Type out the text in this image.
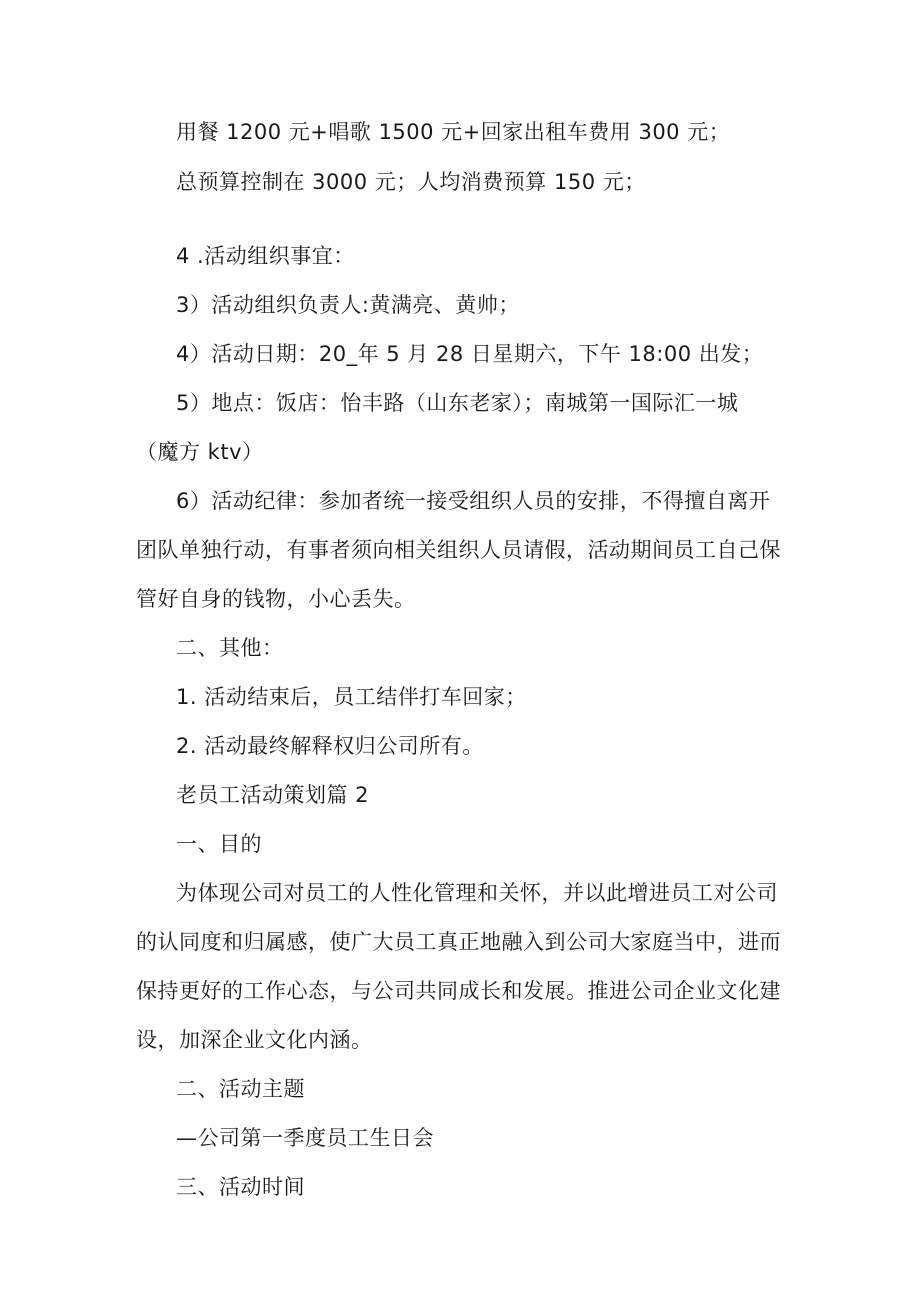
用餐 1200 元+唱歌 1500 元+回家出租车费用 300 元；
总预算控制在 3000 元；人均消费预算 150 元；
4 .活动组织事宜：
3）活动组织负责人:黄满亮、黄帅；
4）活动日期：20_年 5 月 28 日星期六，下午 18:00 出发；
5）地点：饭店：怡丰路（山东老家）；南城第一国际汇一城
（魔方 ktv）
6）活动纪律：参加者统一接受组织人员的安排，不得擅自离开
团队单独行动，有事者须向相关组织人员请假，活动期间员工自己保
管好自身的钱物，小心丢失。
二、其他：
1. 活动结束后，员工结伴打车回家；
2. 活动最终解释权归公司所有。
老员工活动策划篇 2
一、目的
为体现公司对员工的人性化管理和关怀，并以此增进员工对公司
的认同度和归属感，使广大员工真正地融入到公司大家庭当中，进而
保持更好的工作心态，与公司共同成长和发展。推进公司企业文化建
设，加深企业文化内涵。
二、活动主题
—公司第一季度员工生日会
三、活动时间
